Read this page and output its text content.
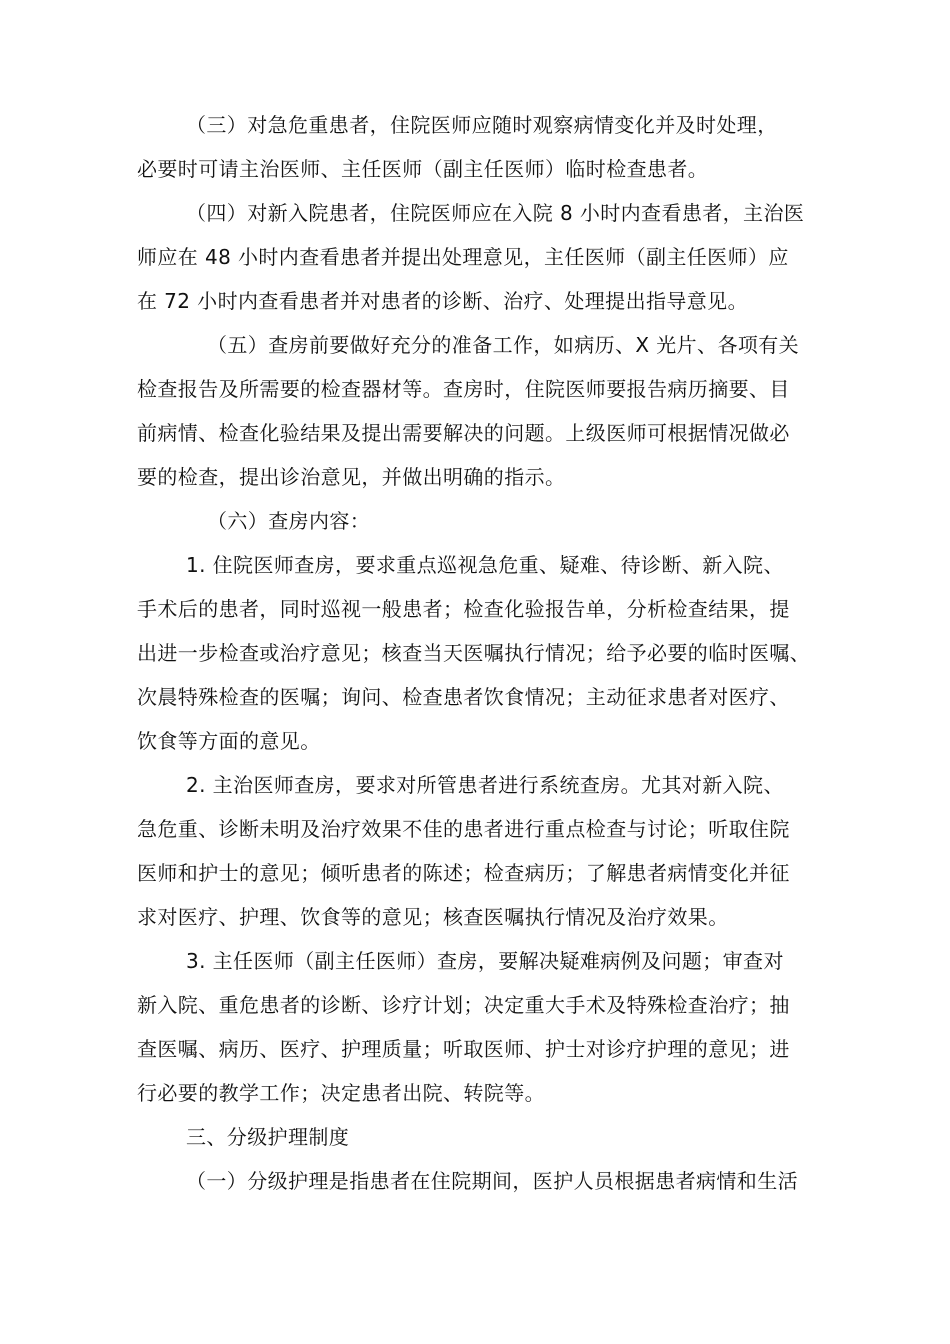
（三）对急危重患者，住院医师应随时观察病情变化并及时处理，
必要时可请主治医师、主任医师（副主任医师）临时检查患者。
（四）对新入院患者，住院医师应在入院 8 小时内查看患者，主治医
师应在 48 小时内查看患者并提出处理意见，主任医师（副主任医师）应
在 72 小时内查看患者并对患者的诊断、治疗、处理提出指导意见。
（五）查房前要做好充分的准备工作，如病历、X 光片、各项有关
检查报告及所需要的检查器材等。查房时，住院医师要报告病历摘要、目
前病情、检查化验结果及提出需要解决的问题。上级医师可根据情况做必
要的检查，提出诊治意见，并做出明确的指示。
（六）查房内容：
1. 住院医师查房，要求重点巡视急危重、疑难、待诊断、新入院、
手术后的患者，同时巡视一般患者；检查化验报告单，分析检查结果，提
出进一步检查或治疗意见；核查当天医嘱执行情况；给予必要的临时医嘱、
次晨特殊检查的医嘱；询问、检查患者饮食情况；主动征求患者对医疗、
饮食等方面的意见。
2. 主治医师查房，要求对所管患者进行系统查房。尤其对新入院、
急危重、诊断未明及治疗效果不佳的患者进行重点检查与讨论；听取住院
医师和护士的意见；倾听患者的陈述；检查病历；了解患者病情变化并征
求对医疗、护理、饮食等的意见；核查医嘱执行情况及治疗效果。
3. 主任医师（副主任医师）查房，要解决疑难病例及问题；审查对
新入院、重危患者的诊断、诊疗计划；决定重大手术及特殊检查治疗；抽
查医嘱、病历、医疗、护理质量；听取医师、护士对诊疗护理的意见；进
行必要的教学工作；决定患者出院、转院等。
三、分级护理制度
（一）分级护理是指患者在住院期间，医护人员根据患者病情和生活
